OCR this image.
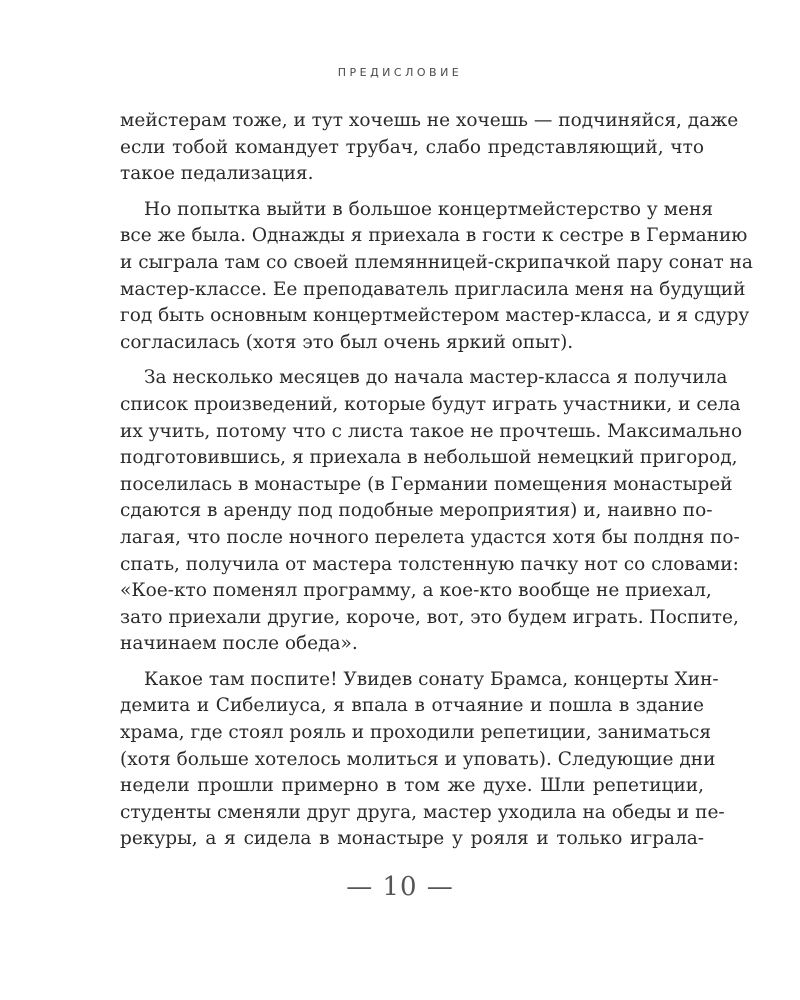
ПРЕДИСЛОВИЕ
мейстерам тоже, и тут хочешь не хочешь — подчиняйся, даже
если тобой командует трубач, слабо представляющий, что
такое педализация.
Но попытка выйти в большое концертмейстерство у меня
все же была. Однажды я приехала в гости к сестре в Германию
и сыграла там со своей племянницей-скрипачкой пару сонат на
мастер-классе. Ее преподаватель пригласила меня на будущий
год быть основным концертмейстером мастер-класса, и я сдуру
согласилась (хотя это был очень яркий опыт).
За несколько месяцев до начала мастер-класса я получила
список произведений, которые будут играть участники, и села
их учить, потому что с листа такое не прочтешь. Максимально
подготовившись, я приехала в небольшой немецкий пригород,
поселилась в монастыре (в Германии помещения монастырей
сдаются в аренду под подобные мероприятия) и, наивно по-
лагая, что после ночного перелета удастся хотя бы полдня по-
спать, получила от мастера толстенную пачку нот со словами:
«Кое-кто поменял программу, а кое-кто вообще не приехал,
зато приехали другие, короче, вот, это будем играть. Поспите,
начинаем после обеда».
Какое там поспите! Увидев сонату Брамса, концерты Хин-
демита и Сибелиуса, я впала в отчаяние и пошла в здание
храма, где стоял рояль и проходили репетиции, заниматься
(хотя больше хотелось молиться и уповать). Следующие дни
недели прошли примерно в том же духе. Шли репетиции,
студенты сменяли друг друга, мастер уходила на обеды и пе-
рекуры, а я сидела в монастыре у рояля и только играла-
— 10 —
